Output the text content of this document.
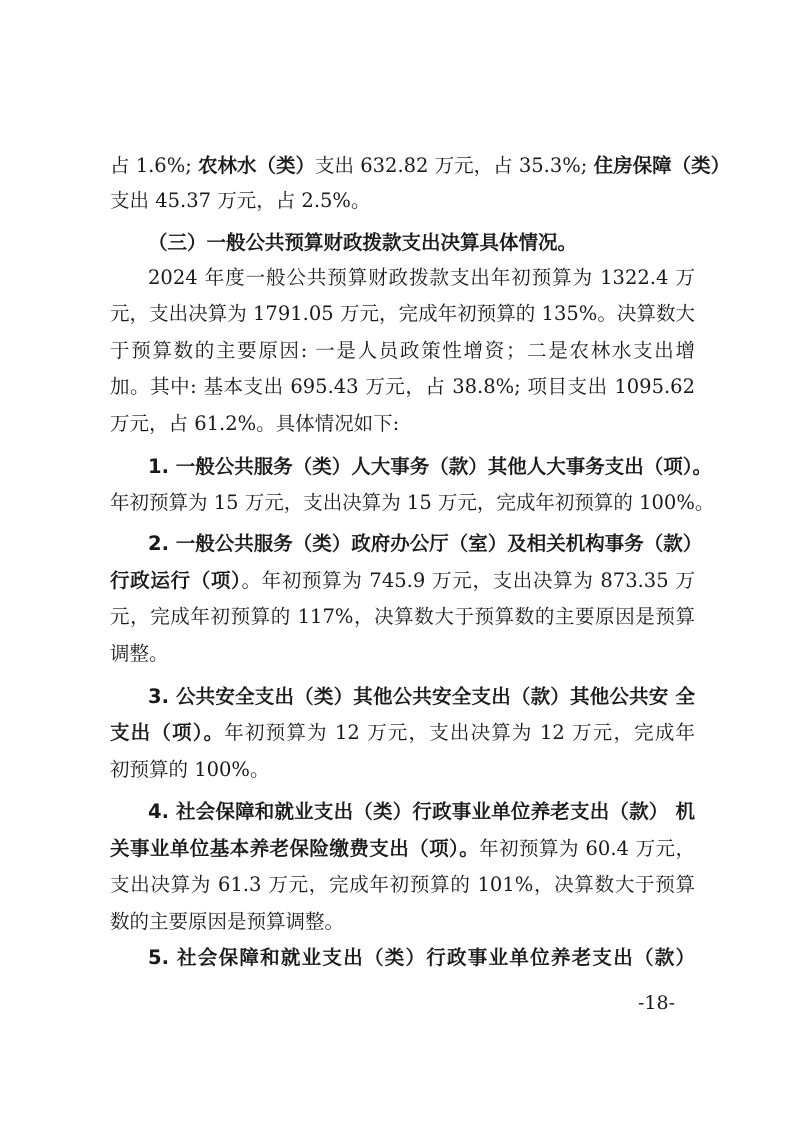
占 1.6%; 农林水（类）支出 632.82 万元，占 35.3%; 住房保障（类）
支出 45.37 万元，占 2.5%。
（三）一般公共预算财政拨款支出决算具体情况。
2024 年度一般公共预算财政拨款支出年初预算为 1322.4 万
元，支出决算为 1791.05 万元，完成年初预算的 135%。决算数大
于预算数的主要原因: 一是人员政策性增资；二是农林水支出增
加。其中: 基本支出 695.43 万元，占 38.8%; 项目支出 1095.62
万元，占 61.2%。具体情况如下:
1. 一般公共服务（类）人大事务（款）其他人大事务支出（项）。
年初预算为 15 万元，支出决算为 15 万元，完成年初预算的 100%。
2. 一般公共服务（类）政府办公厅（室）及相关机构事务（款）
行政运行（项）。年初预算为 745.9 万元，支出决算为 873.35 万
元，完成年初预算的 117%，决算数大于预算数的主要原因是预算
调整。
3. 公共安全支出（类）其他公共安全支出（款）其他公共安 全
支出（项）。年初预算为 12 万元，支出决算为 12 万元，完成年
初预算的 100%。
4. 社会保障和就业支出（类）行政事业单位养老支出（款） 机
关事业单位基本养老保险缴费支出（项）。年初预算为 60.4 万元，
支出决算为 61.3 万元，完成年初预算的 101%，决算数大于预算
数的主要原因是预算调整。
5. 社会保障和就业支出（类）行政事业单位养老支出（款）
-18-
